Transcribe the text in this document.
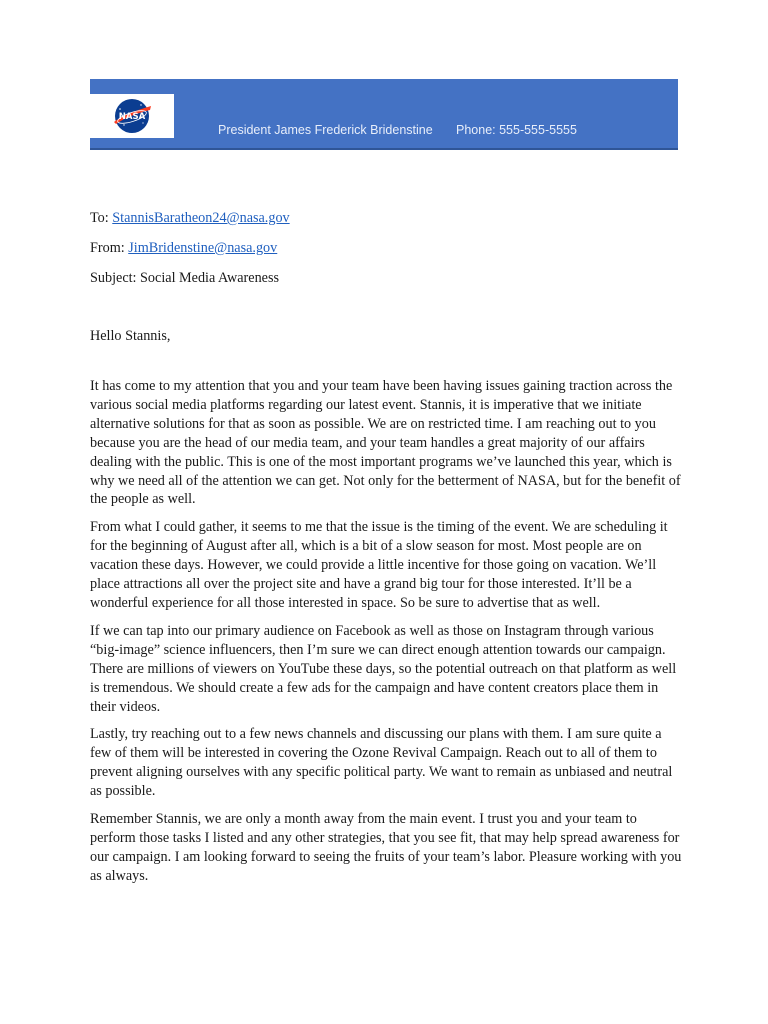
NASA
President James Frederick Bridenstine Phone: 555-555-5555
To: StannisBaratheon24@nasa.gov
From: JimBridenstine@nasa.gov
Subject: Social Media Awareness
Hello Stannis,

It has come to my attention that you and your team have been having issues gaining traction across the various social media platforms regarding our latest event. Stannis, it is imperative that we initiate alternative solutions for that as soon as possible. We are on restricted time. I am reaching out to you because you are the head of our media team, and your team handles a great majority of our affairs dealing with the public. This is one of the most important programs we’ve launched this year, which is why we need all of the attention we can get. Not only for the betterment of NASA, but for the benefit of the people as well.

From what I could gather, it seems to me that the issue is the timing of the event. We are scheduling it for the beginning of August after all, which is a bit of a slow season for most. Most people are on vacation these days. However, we could provide a little incentive for those going on vacation. We’ll place attractions all over the project site and have a grand big tour for those interested. It’ll be a wonderful experience for all those interested in space. So be sure to advertise that as well.

If we can tap into our primary audience on Facebook as well as those on Instagram through various “big-image” science influencers, then I’m sure we can direct enough attention towards our campaign. There are millions of viewers on YouTube these days, so the potential outreach on that platform as well is tremendous. We should create a few ads for the campaign and have content creators place them in their videos.

Lastly, try reaching out to a few news channels and discussing our plans with them. I am sure quite a few of them will be interested in covering the Ozone Revival Campaign. Reach out to all of them to prevent aligning ourselves with any specific political party. We want to remain as unbiased and neutral as possible.

Remember Stannis, we are only a month away from the main event. I trust you and your team to perform those tasks I listed and any other strategies, that you see fit, that may help spread awareness for our campaign. I am looking forward to seeing the fruits of your team’s labor. Pleasure working with you as always.
